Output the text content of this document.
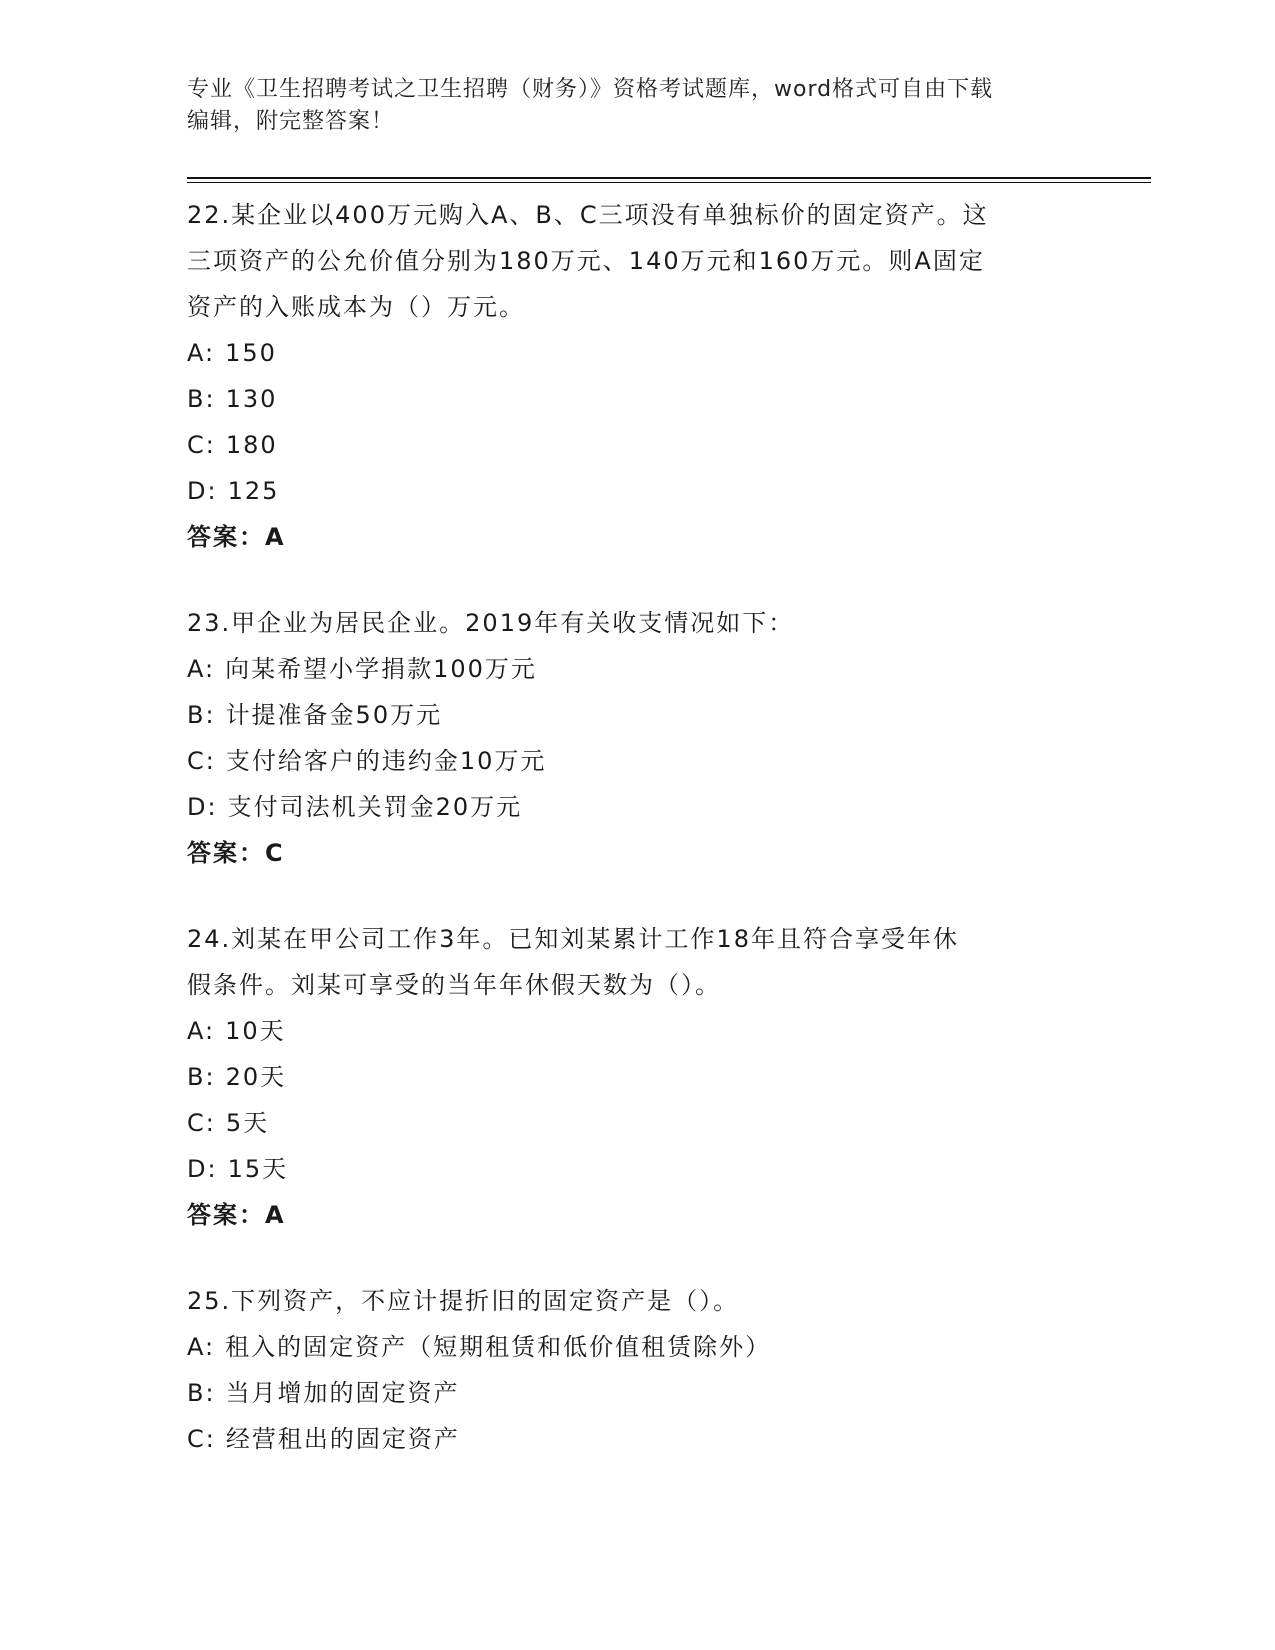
专业《卫生招聘考试之卫生招聘（财务）》资格考试题库，word格式可自由下载
编辑，附完整答案！
22.某企业以400万元购入A、B、C三项没有单独标价的固定资产。这
三项资产的公允价值分别为180万元、140万元和160万元。则A固定
资产的入账成本为（）万元。
A: 150
B: 130
C: 180
D: 125
答案：A
23.甲企业为居民企业。2019年有关收支情况如下：
A: 向某希望小学捐款100万元
B: 计提准备金50万元
C: 支付给客户的违约金10万元
D: 支付司法机关罚金20万元
答案：C
24.刘某在甲公司工作3年。已知刘某累计工作18年且符合享受年休
假条件。刘某可享受的当年年休假天数为（）。
A: 10天
B: 20天
C: 5天
D: 15天
答案：A
25.下列资产，不应计提折旧的固定资产是（）。
A: 租入的固定资产（短期租赁和低价值租赁除外）
B: 当月增加的固定资产
C: 经营租出的固定资产
